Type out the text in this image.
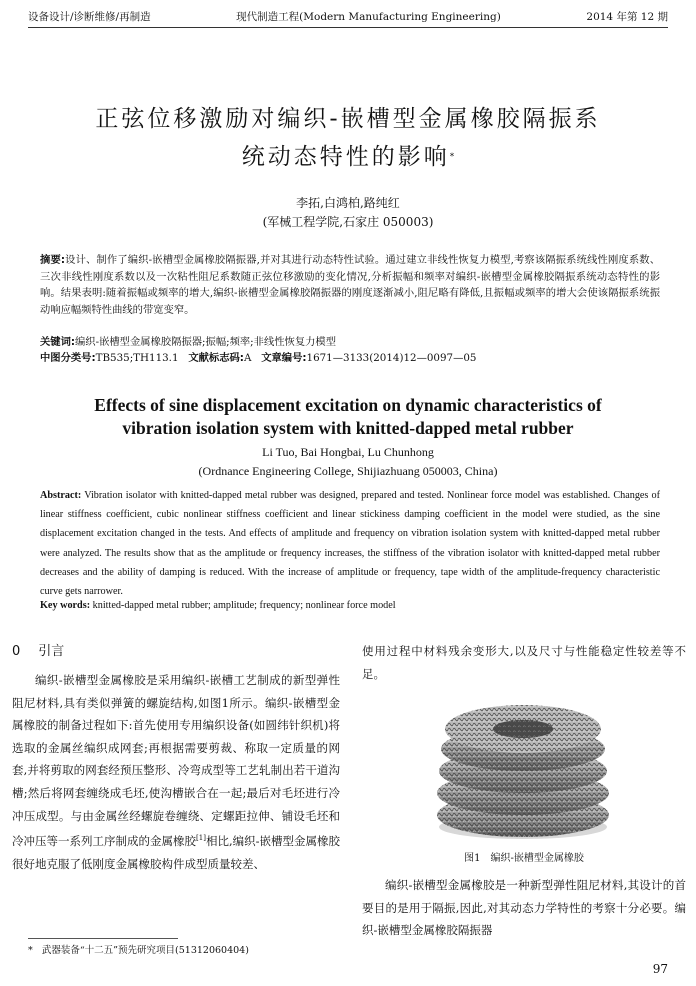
设备设计/诊断维修/再制造	现代制造工程(Modern Manufacturing Engineering)	2014 年第 12 期
正弦位移激励对编织-嵌槽型金属橡胶隔振系
统动态特性的影响*
李拓,白鸿柏,路纯红
(军械工程学院,石家庄 050003)
摘要:设计、制作了编织-嵌槽型金属橡胶隔振器,并对其进行动态特性试验。通过建立非线性恢复力模型,考察该隔振系统线性刚度系数、三次非线性刚度系数以及一次粘性阻尼系数随正弦位移激励的变化情况,分析振幅和频率对编织-嵌槽型金属橡胶隔振系统动态特性的影响。结果表明:随着振幅或频率的增大,编织-嵌槽型金属橡胶隔振器的刚度逐渐减小,阻尼略有降低,且振幅或频率的增大会使该隔振系统振动响应幅频特性曲线的带宽变窄。
关键词:编织-嵌槽型金属橡胶隔振器;振幅;频率;非线性恢复力模型
中图分类号:TB535;TH113.1 文献标志码:A 文章编号:1671—3133(2014)12—0097—05
Effects of sine displacement excitation on dynamic characteristics of
vibration isolation system with knitted-dapped metal rubber
Li Tuo, Bai Hongbai, Lu Chunhong
(Ordnance Engineering College, Shijiazhuang 050003, China)
Abstract: Vibration isolator with knitted-dapped metal rubber was designed, prepared and tested. Nonlinear force model was established. Changes of linear stiffness coefficient, cubic nonlinear stiffness coefficient and linear stickiness damping coefficient in the model were studied, as the sine displacement excitation changed in the tests. And effects of amplitude and frequency on vibration isolation system with knitted-dapped metal rubber were analyzed. The results show that as the amplitude or frequency increases, the stiffness of the vibration isolator with knitted-dapped metal rubber decreases and the ability of damping is reduced. With the increase of amplitude or frequency, tape width of the amplitude-frequency characteristic curve gets narrower.
Key words: knitted-dapped metal rubber; amplitude; frequency; nonlinear force model
0 引言

编织-嵌槽型金属橡胶是采用编织-嵌槽工艺制成的新型弹性阻尼材料,具有类似弹簧的螺旋结构,如图1所示。编织-嵌槽型金属橡胶的制备过程如下:首先使用专用编织设备(如圆纬针织机)将选取的金属丝编织成网套;再根据需要剪裁、称取一定质量的网套,并将剪取的网套经预压整形、冷弯成型等工艺轧制出若干道沟槽;然后将网套缠绕成毛坯,使沟槽嵌合在一起;最后对毛坯进行冷冲压成型。与由金属丝经螺旋卷缠绕、定螺距拉伸、铺设毛坯和冷冲压等一系列工序制成的金属橡胶[1]相比,编织-嵌槽型金属橡胶很好地克服了低刚度金属橡胶构件成型质量较差、

使用过程中材料残余变形大,以及尺寸与性能稳定性较差等不足。

图1　编织-嵌槽型金属橡胶

编织-嵌槽型金属橡胶是一种新型弹性阻尼材料,其设计的首要目的是用于隔振,因此,对其动态力学特性的考察十分必要。编织-嵌槽型金属橡胶隔振器

* 武器装备“十二五”预先研究项目(51312060404)
97
